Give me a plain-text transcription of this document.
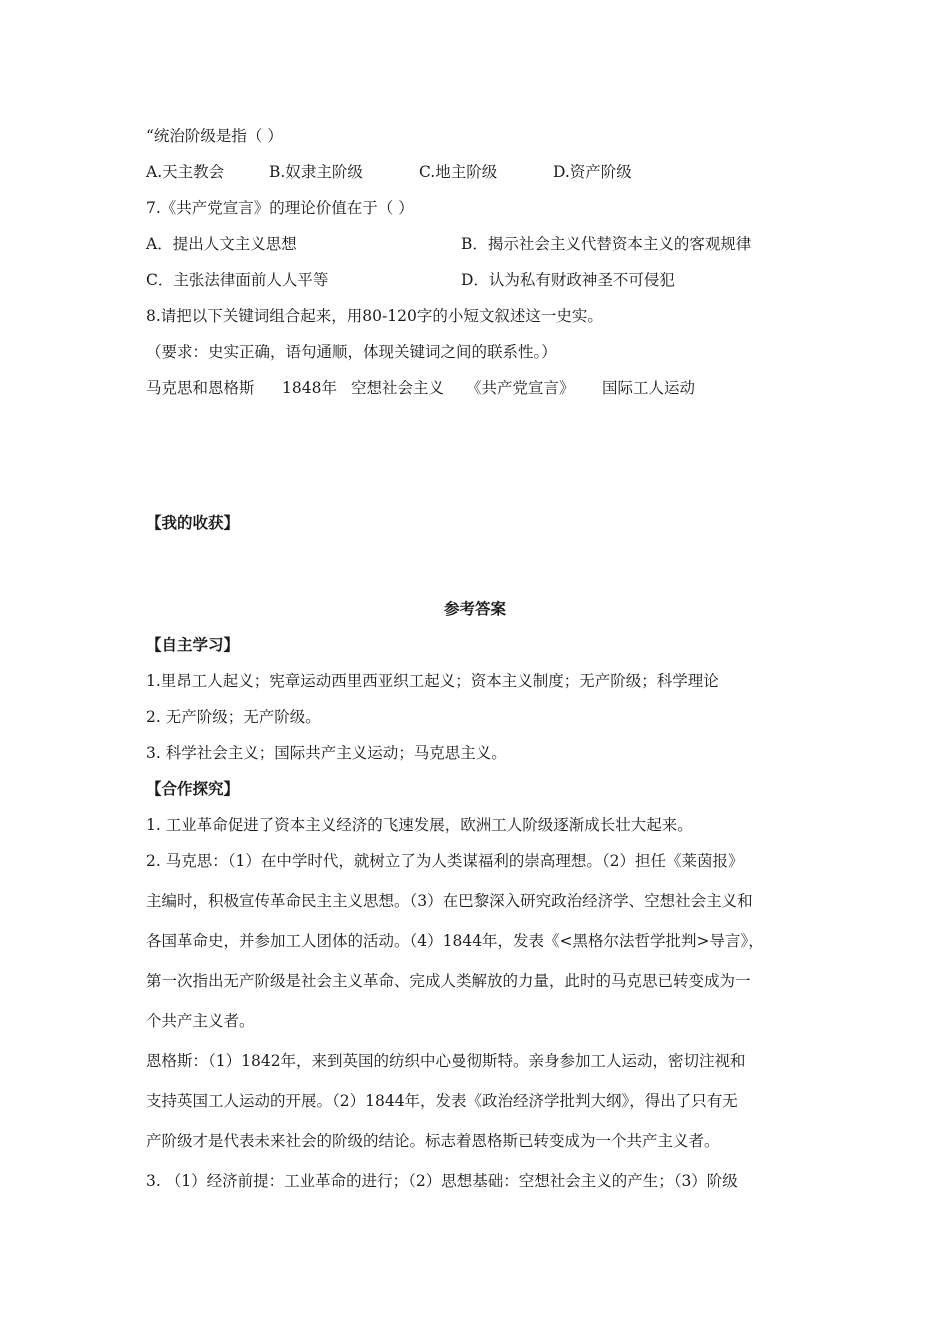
“统治阶级是指（ ）
A.天主教会	B.奴隶主阶级	C.地主阶级	D.资产阶级
7.《共产党宣言》的理论价值在于（ ）
A．提出人文主义思想	B．揭示社会主义代替资本主义的客观规律
C．主张法律面前人人平等	D．认为私有财政神圣不可侵犯
8.请把以下关键词组合起来，用80-120字的小短文叙述这一史实。
（要求：史实正确，语句通顺，体现关键词之间的联系性。）
马克思和恩格斯 1848年 空想社会主义 《共产党宣言》 国际工人运动
【我的收获】
参考答案
【自主学习】
1.里昂工人起义；宪章运动西里西亚织工起义；资本主义制度；无产阶级；科学理论
2. 无产阶级；无产阶级。
3. 科学社会主义；国际共产主义运动；马克思主义。
【合作探究】
1. 工业革命促进了资本主义经济的飞速发展，欧洲工人阶级逐渐成长壮大起来。
2. 马克思：（1）在中学时代，就树立了为人类谋福利的崇高理想。（2）担任《莱茵报》
主编时，积极宣传革命民主主义思想。（3）在巴黎深入研究政治经济学、空想社会主义和
各国革命史，并参加工人团体的活动。（4）1844年，发表《<黑格尔法哲学批判>导言》，
第一次指出无产阶级是社会主义革命、完成人类解放的力量，此时的马克思已转变成为一
个共产主义者。
恩格斯：（1）1842年，来到英国的纺织中心曼彻斯特。亲身参加工人运动，密切注视和
支持英国工人运动的开展。（2）1844年，发表《政治经济学批判大纲》，得出了只有无
产阶级才是代表未来社会的阶级的结论。标志着恩格斯已转变成为一个共产主义者。
3. （1）经济前提：工业革命的进行；（2）思想基础：空想社会主义的产生；（3）阶级
